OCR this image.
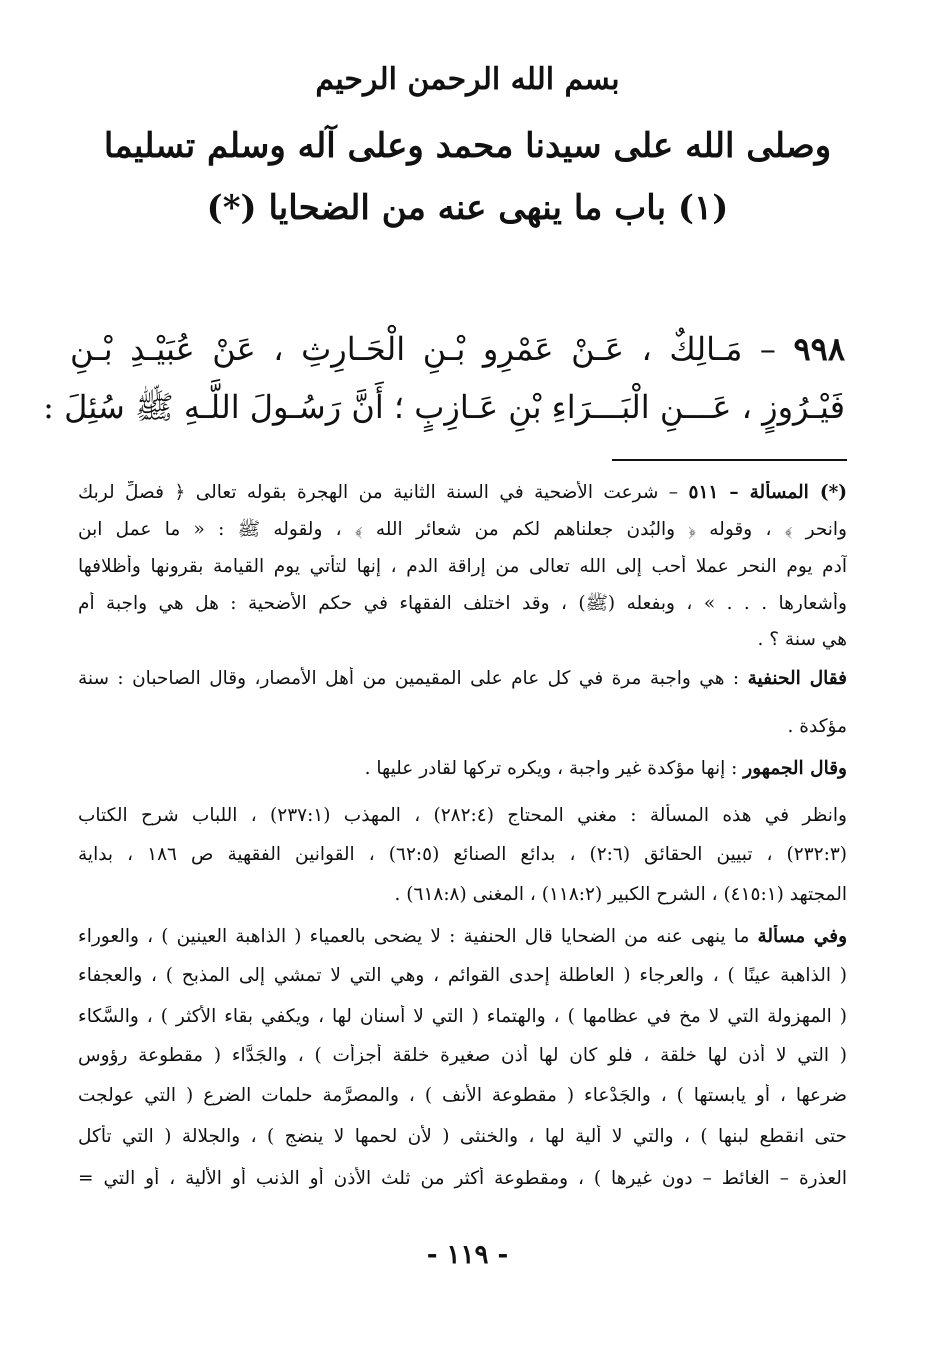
بسم الله الرحمن الرحيم
وصلى الله على سيدنا محمد وعلى آله وسلم تسليما
(١) باب ما ينهى عنه من الضحايا (*)
٩٩٨ – مَـالِكٌ ، عَـنْ عَمْرِو بْـنِ الْحَـارِثِ ، عَنْ عُبَيْـدِ بْـنِ
فَيْـرُوزٍ ، عَـــنِ الْبَـــرَاءِ بْنِ عَـازِبٍ ؛ أَنَّ رَسُـولَ اللَّـهِ ﷺ سُئِلَ :
(*) المسألة – ٥١١ – شرعت الأضحية في السنة الثانية من الهجرة بقوله تعالى ﴿ فصلِّ لربك
وانحر ﴾ ، وقوله ﴿ والبُدن جعلناهم لكم من شعائر الله ﴾ ، ولقوله ﷺ : « ما عمل ابن
آدم يوم النحر عملا أحب إلى الله تعالى من إراقة الدم ، إنها لتأتي يوم القيامة بقرونها وأظلافها
وأشعارها . . . » ، وبفعله (ﷺ) ، وقد اختلف الفقهاء في حكم الأضحية : هل هي واجبة أم
هي سنة ؟ .
فقال الحنفية : هي واجبة مرة في كل عام على المقيمين من أهل الأمصار، وقال الصاحبان : سنة
مؤكدة .
وقال الجمهور : إنها مؤكدة غير واجبة ، ويكره تركها لقادر عليها .
وانظر في هذه المسألة : مغني المحتاج (٢٨٢:٤) ، المهذب (٢٣٧:١) ، اللباب شرح الكتاب
(٢٣٢:٣) ، تبيين الحقائق (٢:٦) ، بدائع الصنائع (٦٢:٥) ، القوانين الفقهية ص ١٨٦ ، بداية
المجتهد (٤١٥:١) ، الشرح الكبير (١١٨:٢) ، المغنى (٦١٨:٨) .
وفي مسألة ما ينهى عنه من الضحايا قال الحنفية : لا يضحى بالعمياء ( الذاهبة العينين ) ، والعوراء
( الذاهبة عينًا ) ، والعرجاء ( العاطلة إحدى القوائم ، وهي التي لا تمشي إلى المذبح ) ، والعجفاء
( المهزولة التي لا مخ في عظامها ) ، والهتماء ( التي لا أسنان لها ، ويكفي بقاء الأكثر ) ، والسَّكاء
( التي لا أذن لها خلقة ، فلو كان لها أذن صغيرة خلقة أجزأت ) ، والجَدَّاء ( مقطوعة رؤوس
ضرعها ، أو يابستها ) ، والجَدْعاء ( مقطوعة الأنف ) ، والمصرَّمة حلمات الضرع ( التي عولجت
حتى انقطع لبنها ) ، والتي لا ألية لها ، والخنثى ( لأن لحمها لا ينضج ) ، والجلالة ( التي تأكل
العذرة – الغائط – دون غيرها ) ، ومقطوعة أكثر من ثلث الأذن أو الذنب أو الألية ، أو التي =
- ١١٩ -
